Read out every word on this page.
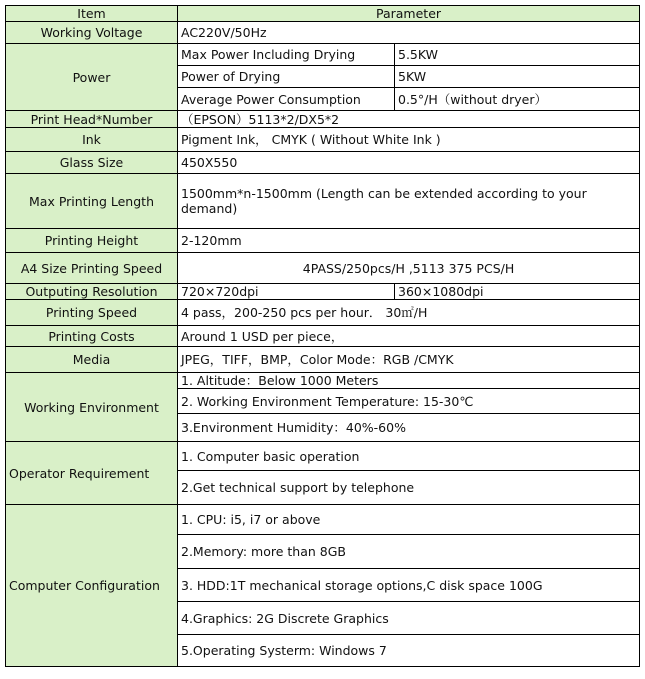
Item	Parameter	
Working Voltage	AC220V/50Hz	
Power	Max Power Including Drying	5.5KW
	Power of Drying	5KW
	Average Power Consumption	0.5°/H（without dryer）
Print Head*Number	（EPSON）5113*2/DX5*2	
Ink	Pigment Ink， CMYK ( Without White Ink )	
Glass Size	450X550	
Max Printing Length	1500mm*n-1500mm (Length can be extended according to your demand)	
Printing Height	2-120mm	
A4 Size Printing Speed	4PASS/250pcs/H ,5113 375 PCS/H	
Outputing Resolution	720×720dpi	360×1080dpi
Printing Speed	4 pass，200-250 pcs per hour． 30㎡/H	
Printing Costs	Around 1 USD per piece，	
Media	JPEG，TIFF，BMP，Color Mode：RGB /CMYK	
Working Environment	1. Altitude：Below 1000 Meters	
	2. Working Environment Temperature: 15-30℃	
	3.Environment Humidity：40%-60%	
Operator Requirement	1. Computer basic operation	
	2.Get technical support by telephone	
Computer Configuration	1. CPU: i5, i7 or above	
	2.Memory: more than 8GB	
	3. HDD:1T mechanical storage options,C disk space 100G	
	4.Graphics: 2G Discrete Graphics	
	5.Operating Systerm: Windows 7	
